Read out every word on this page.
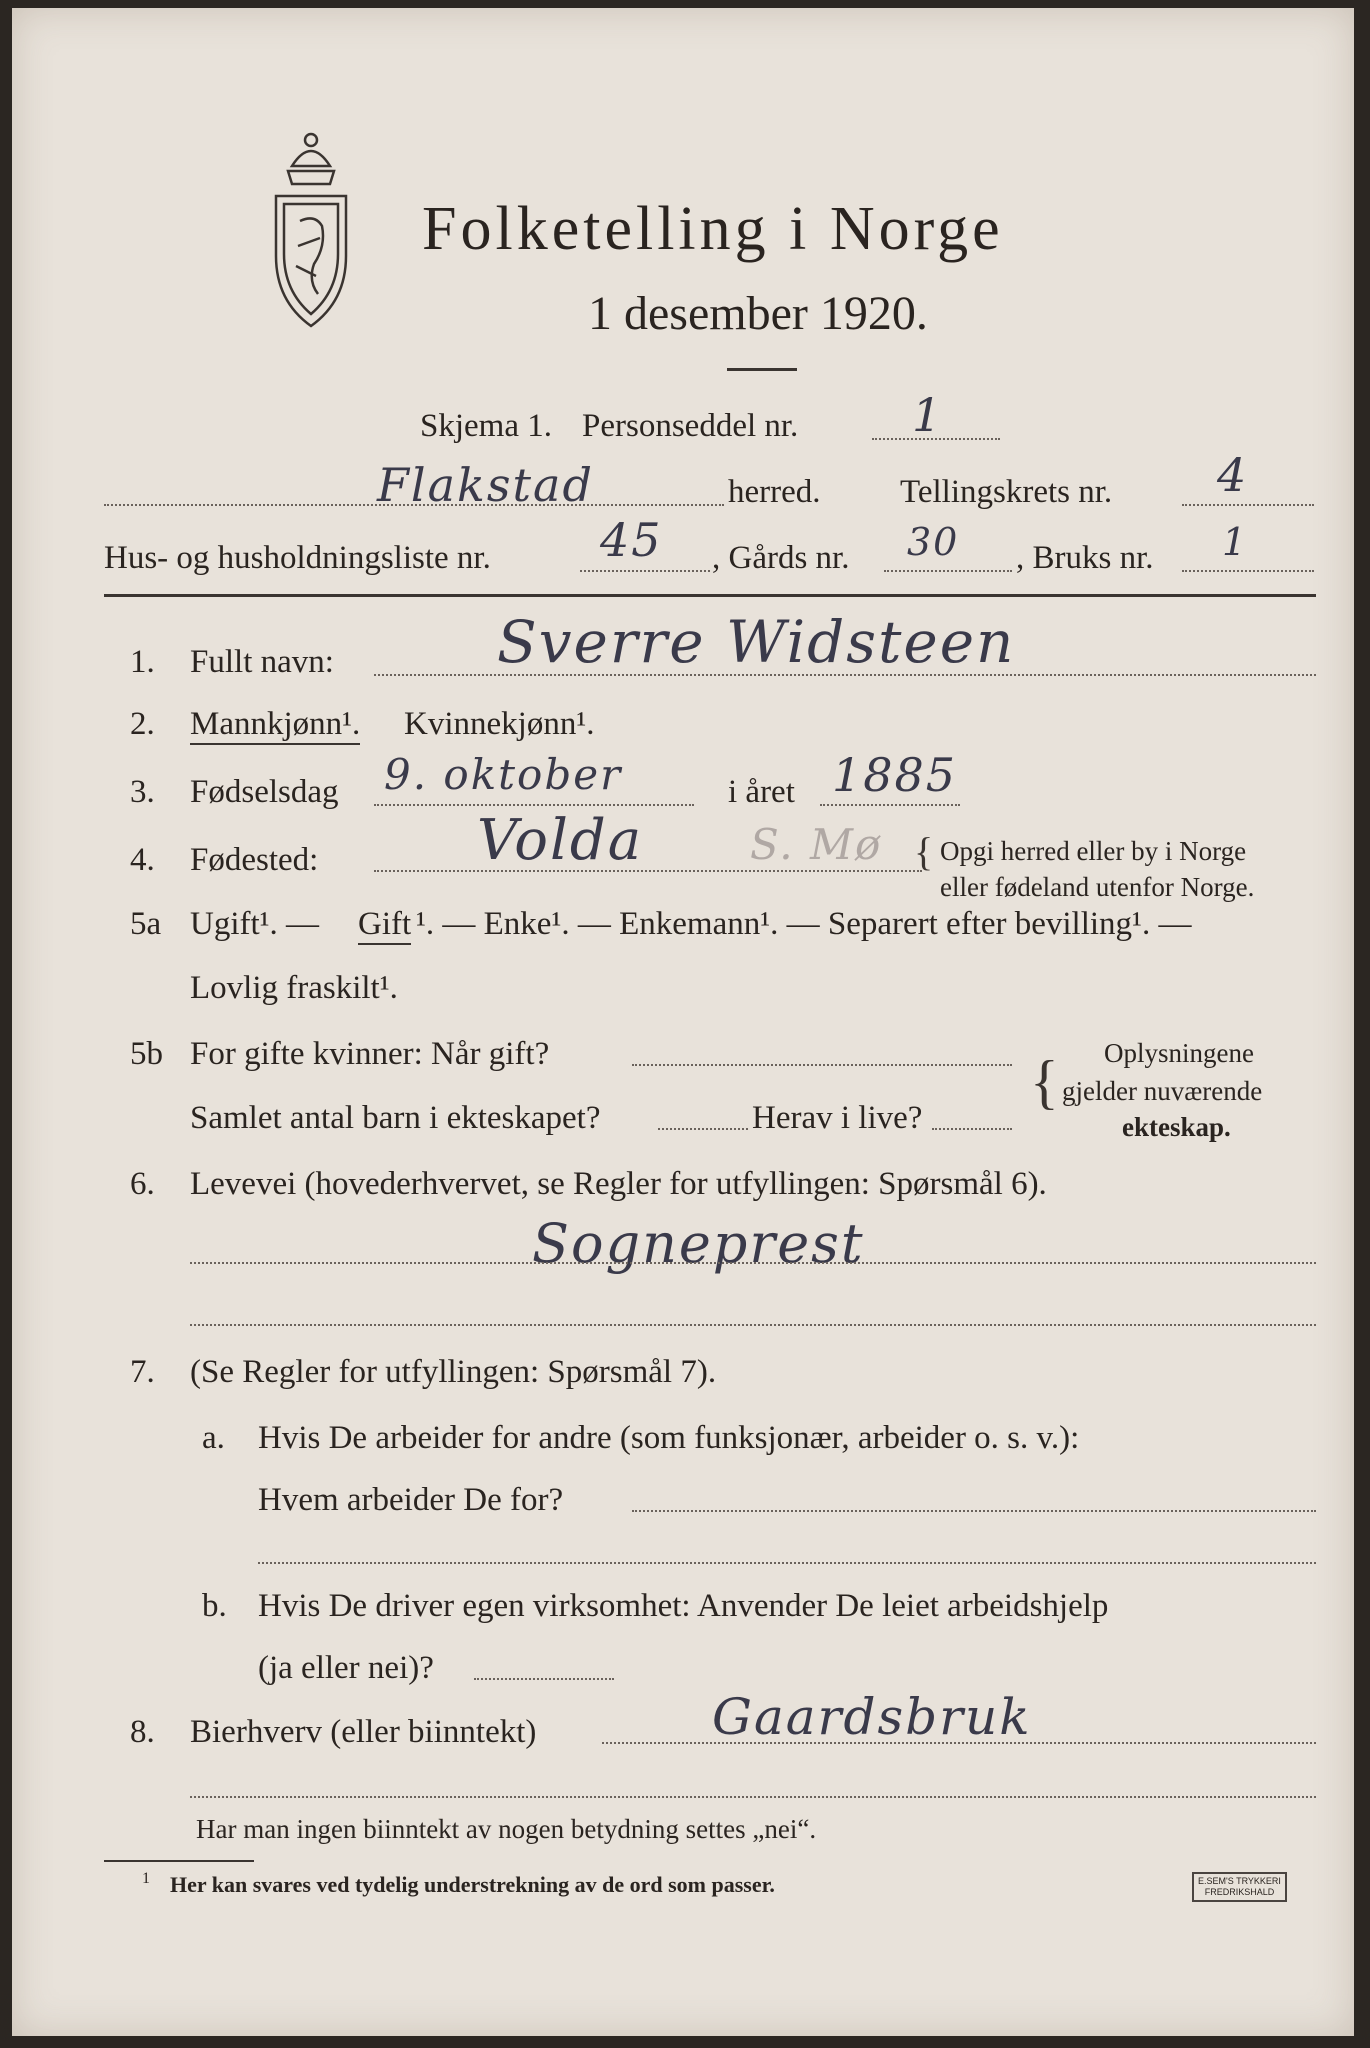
Folketelling i Norge
1 desember 1920.
Skjema 1. Personseddel nr. 1
Flakstad	herred. Tellingskrets nr. 4
Hus- og husholdningsliste nr. 45 , Gårds nr. 30 , Bruks nr. 1
1. Fullt navn:	Sverre Widsteen
2. Mannkjønn¹. Kvinnekjønn¹.
3. Fødselsdag 9. oktober	i året 1885
4. Fødested:	Volda	S. Mø { Opgi herred eller by i Norge
eller fødeland utenfor Norge.
5a Ugift¹. — Gift ¹. — Enke¹. — Enkemann¹. — Separert efter bevilling¹. —
Lovlig fraskilt¹.
5b For gifte kvinner: Når gift?
Samlet antal barn i ekteskapet?	Herav i live?
{ Oplysningene
gjelder nuværende
ekteskap.
6. Levevei (hovederhvervet, se Regler for utfyllingen: Spørsmål 6).
Sogneprest
7. (Se Regler for utfyllingen: Spørsmål 7).
a. Hvis De arbeider for andre (som funksjonær, arbeider o. s. v.):
Hvem arbeider De for?
b. Hvis De driver egen virksomhet: Anvender De leiet arbeidshjelp
(ja eller nei)?
8. Bierhverv (eller biinntekt)	Gaardsbruk
Har man ingen biinntekt av nogen betydning settes „nei“.
1 Her kan svares ved tydelig understrekning av de ord som passer.	E.SEM'S TRYKKERI
FREDRIKSHALD
